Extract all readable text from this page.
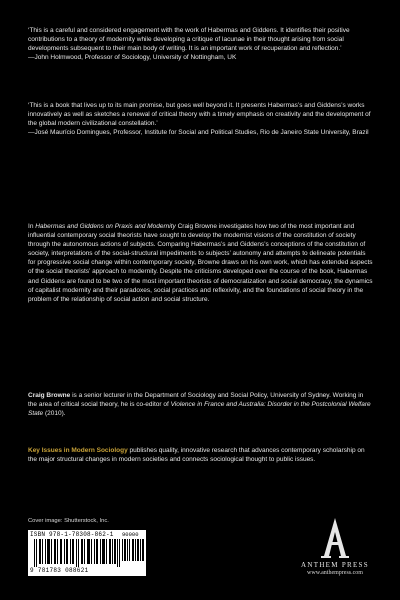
‘This is a careful and considered engagement with the work of Habermas and Giddens. It identifies their positive contributions to a theory of modernity while developing a critique of lacunae in their thought arising from social developments subsequent to their main body of writing. It is an important work of recuperation and reflection.’

—John Holmwood, Professor of Sociology, University of Nottingham, UK

‘This is a book that lives up to its main promise, but goes well beyond it. It presents Habermas’s and Giddens’s works innovatively as well as sketches a renewal of critical theory with a timely emphasis on creativity and the development of the global modern civilizational constellation.’

—José Maurício Domingues, Professor, Institute for Social and Political Studies, Rio de Janeiro State University, Brazil

In Habermas and Giddens on Praxis and Modernity Craig Browne investigates how two of the most important and influential contemporary social theorists have sought to develop the modernist visions of the constitution of society through the autonomous actions of subjects. Comparing Habermas’s and Giddens’s conceptions of the constitution of society, interpretations of the social-structural impediments to subjects’ autonomy and attempts to delineate potentials for progressive social change within contemporary society, Browne draws on his own work, which has extended aspects of the social theorists’ approach to modernity. Despite the criticisms developed over the course of the book, Habermas and Giddens are found to be two of the most important theorists of democratization and social democracy, the dynamics of capitalist modernity and their paradoxes, social practices and reflexivity, and the foundations of social theory in the problem of the relationship of social action and social structure.
Craig Browne is a senior lecturer in the Department of Sociology and Social Policy, University of Sydney. Working in the area of critical social theory, he is co-editor of Violence in France and Australia: Disorder in the Postcolonial Welfare State (2010).
Key Issues in Modern Sociology publishes quality, innovative research that advances contemporary scholarship on the major structural changes in modern societies and connects sociological thought to public issues.
Cover image: Shutterstock, Inc.
ISBN 978-1-78308-862-1	90000
9 781783 088621
ANTHEM PRESS
www.anthempress.com
